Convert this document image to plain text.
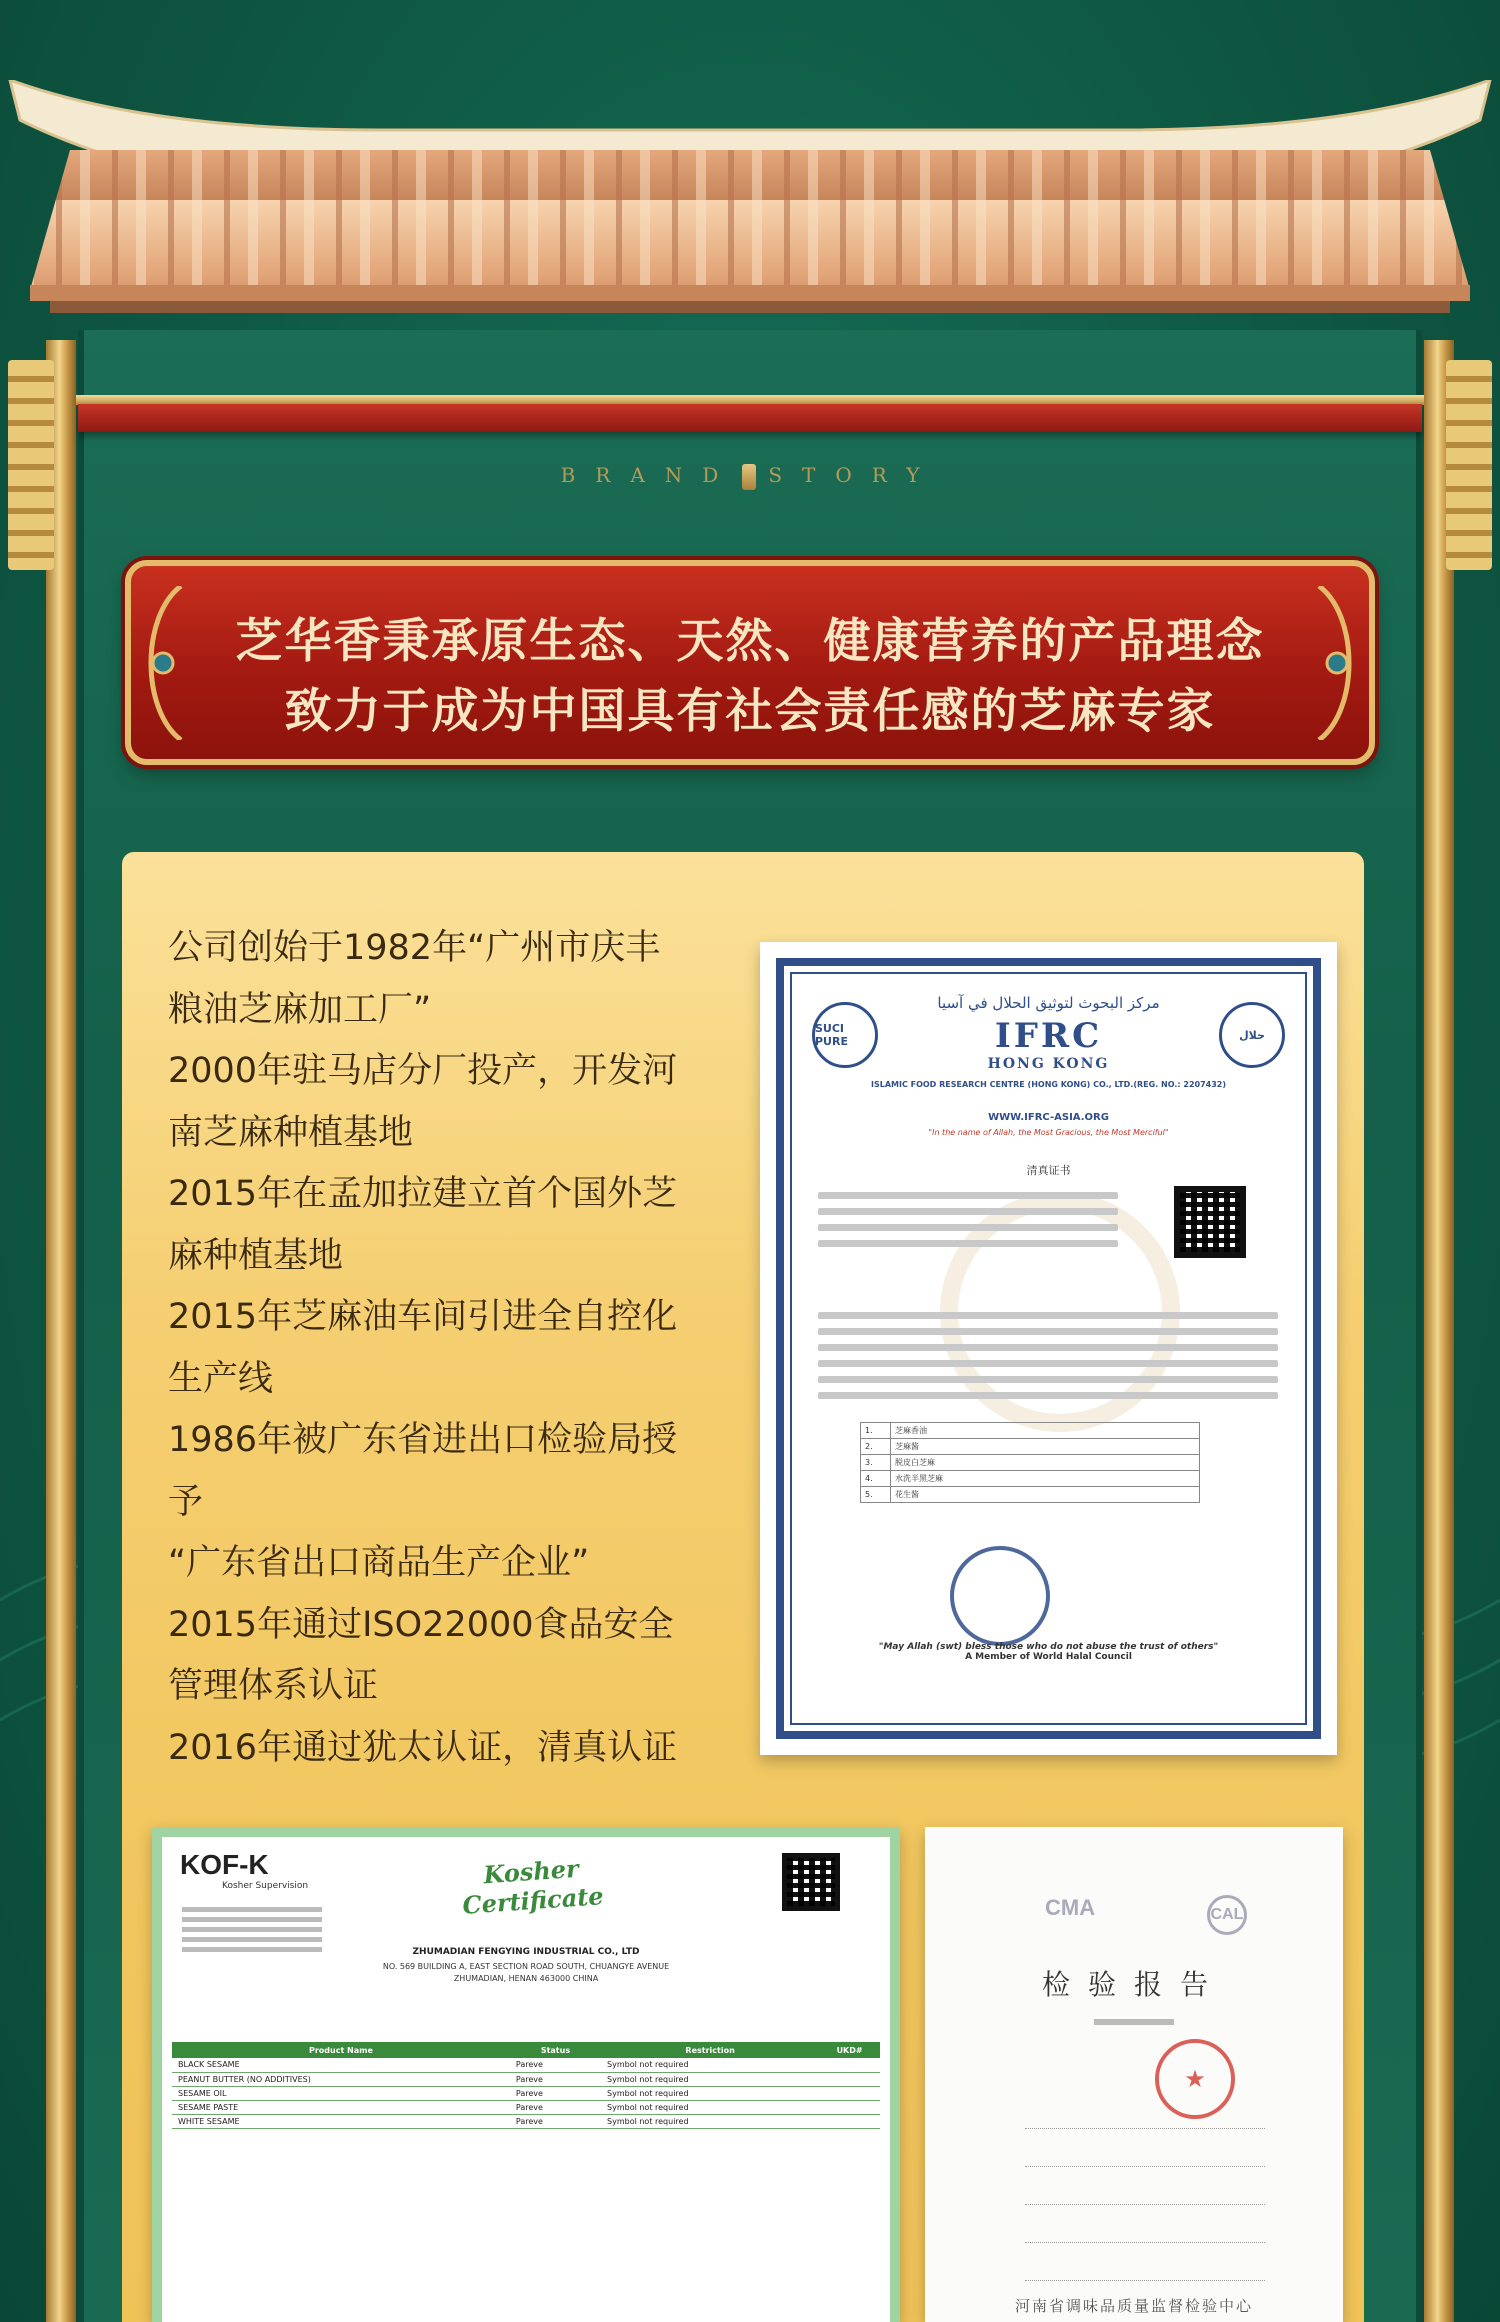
BRAND STORY
芝华香秉承原生态、天然、健康营养的产品理念
致力于成为中国具有社会责任感的芝麻专家
公司创始于1982年“广州市庆丰
粮油芝麻加工厂”
2000年驻马店分厂投产，开发河
南芝麻种植基地
2015年在孟加拉建立首个国外芝
麻种植基地
2015年芝麻油车间引进全自控化
生产线
1986年被广东省进出口检验局授
予
“广东省出口商品生产企业”
2015年通过ISO22000食品安全
管理体系认证
2016年通过犹太认证，清真认证
SUCI PURE	حلال
مركز البحوث لتوثيق الحلال في آسيا
IFRC
HONG KONG
ISLAMIC FOOD RESEARCH CENTRE (HONG KONG) CO., LTD.(REG. NO.: 2207432)
WWW.IFRC-ASIA.ORG
"In the name of Allah, the Most Gracious, the Most Merciful"
清真证书
1.	芝麻香油
2.	芝麻酱
3.	脱皮白芝麻
4.	水洗半黑芝麻
5.	花生酱
"May Allah (swt) bless those who do not abuse the trust of others"
A Member of World Halal Council
KOF-K
Kosher Supervision	Kosher Certificate
ZHUMADIAN FENGYING INDUSTRIAL CO., LTD
NO. 569 BUILDING A, EAST SECTION ROAD SOUTH, CHUANGYE AVENUE
ZHUMADIAN, HENAN 463000 CHINA
Product Name	Status	Restriction	UKD#
BLACK SESAME	Pareve	Symbol not required	
PEANUT BUTTER (NO ADDITIVES)	Pareve	Symbol not required	
SESAME OIL	Pareve	Symbol not required	
SESAME PASTE	Pareve	Symbol not required	
WHITE SESAME	Pareve	Symbol not required	
CMA	CAL
检验报告
★
河南省调味品质量监督检验中心
